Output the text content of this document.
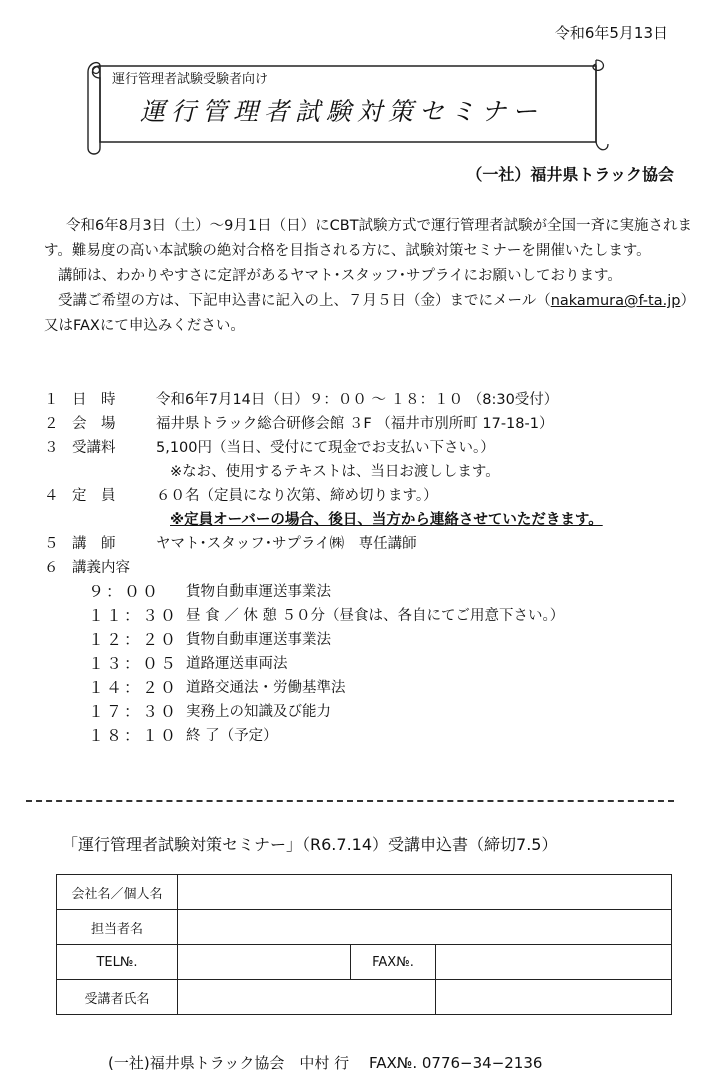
令和6年5月13日
運行管理者試験受験者向け
運行管理者試験対策セミナー
（一社）福井県トラック協会

令和6年8月3日（土）〜9月1日（日）にCBT試験方式で運行管理者試験が全国一斉に実施されます。難易度の高い本試験の絶対合格を目指される方に、試験対策セミナーを開催いたします。

講師は、わかりやすさに定評があるヤマト･スタッフ･サプライにお願いしております。

受講ご希望の方は、下記申込書に記入の上、７月５日（金）までにメール（nakamura@f-ta.jp）又はFAXにて申込みください。

１ 日　時	令和6年7月14日（日）９：００ ～ １８：１０ （8:30受付）
２ 会　場	福井県トラック総合研修会館 ３F （福井市別所町 17-18-1）
３ 受講料	5,100円（当日、受付にて現金でお支払い下さい。）
※なお、使用するテキストは、当日お渡しします。
４ 定　員	６０名（定員になり次第、締め切ります。）
※定員オーバーの場合、後日、当方から連絡させていただきます。
５ 講　師	ヤマト･スタッフ･サプライ㈱　専任講師
６ 講義内容
９：００ 貨物自動車運送事業法
１１：３０ 昼 食 ／ 休 憩 ５０分（昼食は、各自にてご用意下さい。）
１２：２０ 貨物自動車運送事業法
１３：０５ 道路運送車両法
１４：２０ 道路交通法・労働基準法
１７：３０ 実務上の知識及び能力
１８：１０ 終 了（予定）
「運行管理者試験対策セミナー」（R6.7.14）受講申込書（締切7.5）
会社名／個人名			
担当者名			
TEL№.		FAX№.	
受講者氏名			
(一社)福井県トラック協会　中村 行　 FAX№. 0776−34−2136
